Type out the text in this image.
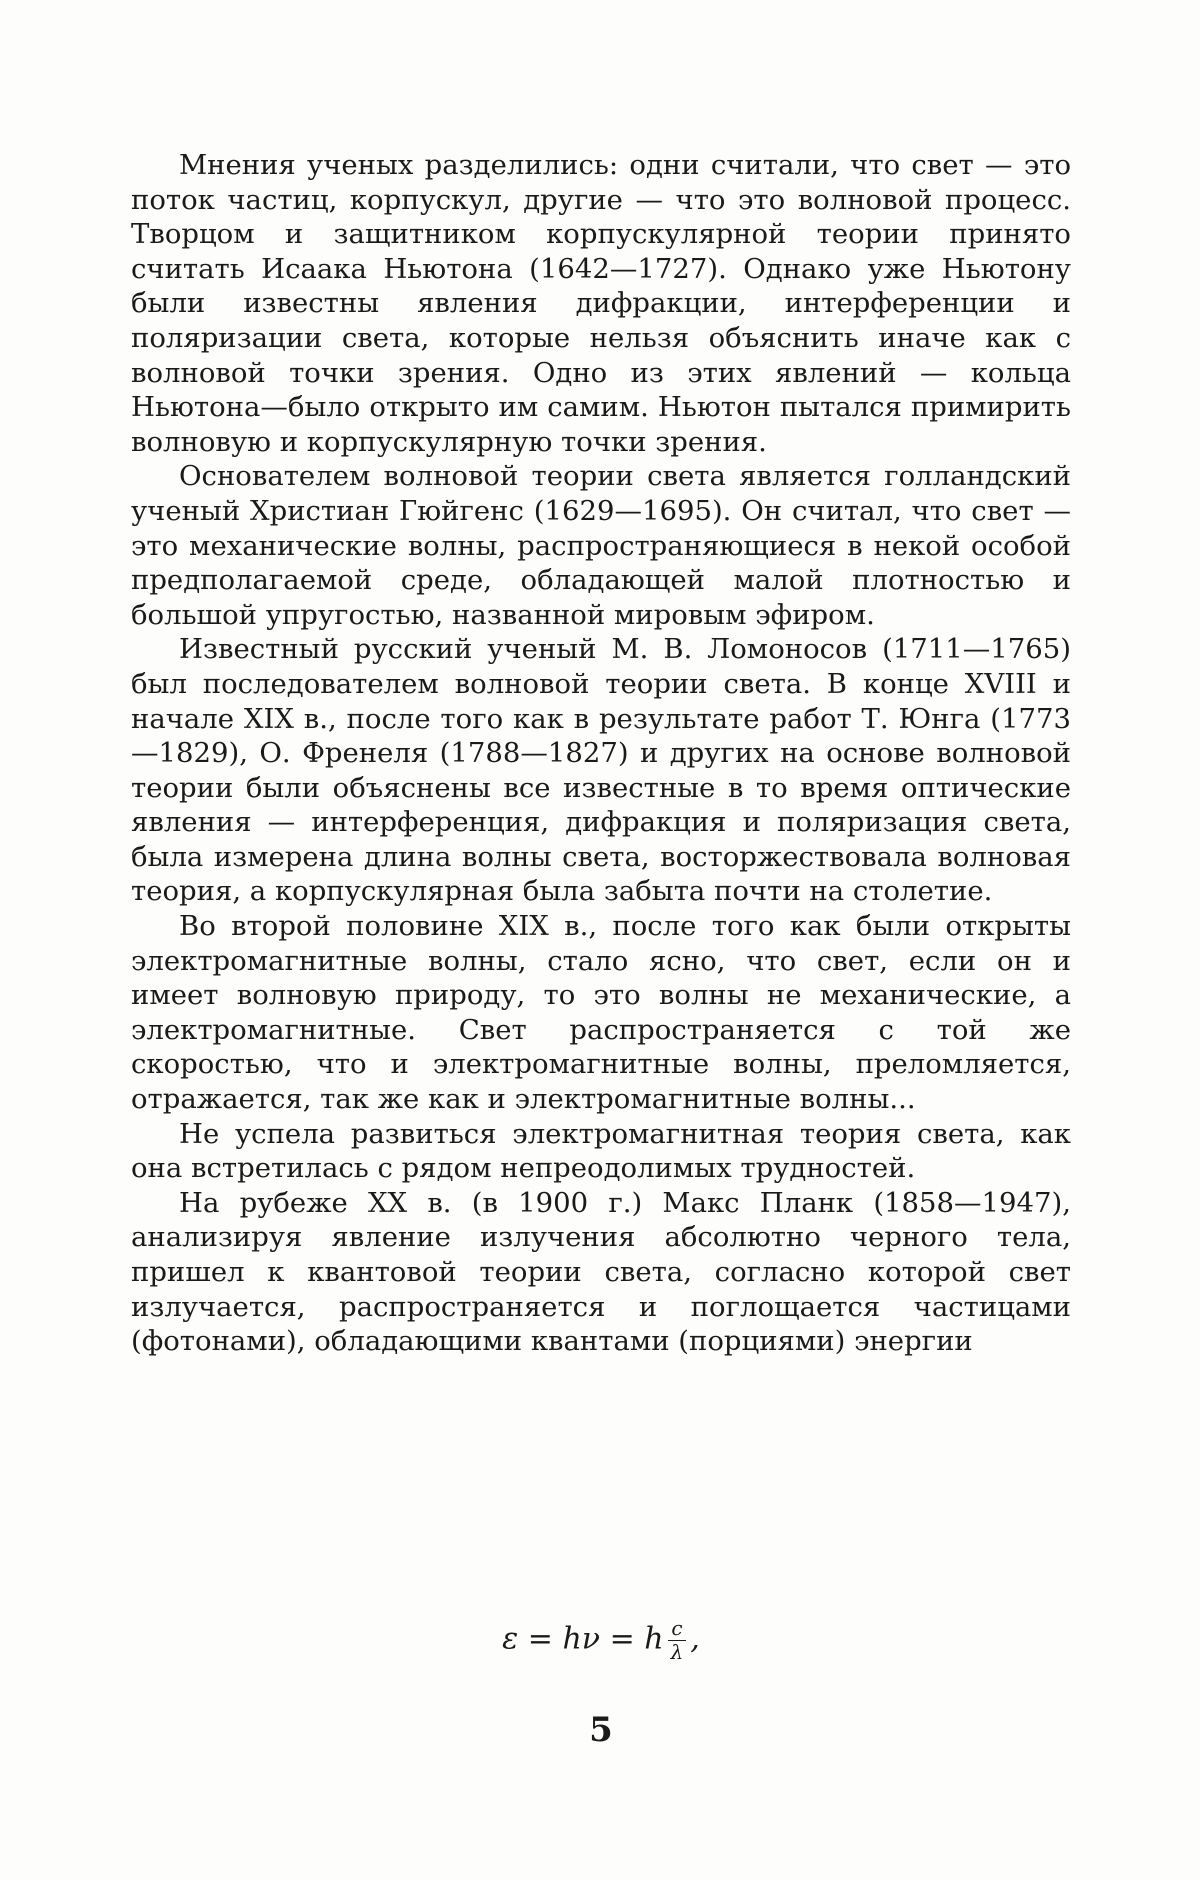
Мнения ученых разделились: одни считали, что свет — это поток частиц, корпускул, другие — что это волновой процесс. Творцом и защитником корпускулярной теории принято считать Исаака Ньютона (1642—1727). Однако уже Ньютону были известны явления дифракции, интерференции и поляризации света, которые нельзя объяснить иначе как с волновой точки зрения. Одно из этих явлений — кольца Ньютона—было открыто им самим. Ньютон пытался примирить волновую и корпускулярную точки зрения.

Основателем волновой теории света является голландский ученый Христиан Гюйгенс (1629—1695). Он считал, что свет — это механические волны, распространяющиеся в некой особой предполагаемой среде, обладающей малой плотностью и большой упругостью, названной мировым эфиром.

Известный русский ученый М. В. Ломоносов (1711—1765) был последователем волновой теории света. В конце XVIII и начале XIX в., после того как в результате работ Т. Юнга (1773—1829), О. Френеля (1788—1827) и других на основе волновой теории были объяснены все известные в то время оптические явления — интерференция, дифракция и поляризация света, была измерена длина волны света, восторжествовала волновая теория, а корпускулярная была забыта почти на столетие.

Во второй половине XIX в., после того как были открыты электромагнитные волны, стало ясно, что свет, если он и имеет волновую природу, то это волны не механические, а электромагнитные. Свет распространяется с той же скоростью, что и электромагнитные волны, преломляется, отражается, так же как и электромагнитные волны...

Не успела развиться электромагнитная теория света, как она встретилась с рядом непреодолимых трудностей.

На рубеже XX в. (в 1900 г.) Макс Планк (1858—1947), анализируя явление излучения абсолютно черного тела, пришел к квантовой теории света, согласно которой свет излучается, распространяется и поглощается частицами (фотонами), обладающими квантами (порциями) энергии

ε = hν = h c
λ ,
5
